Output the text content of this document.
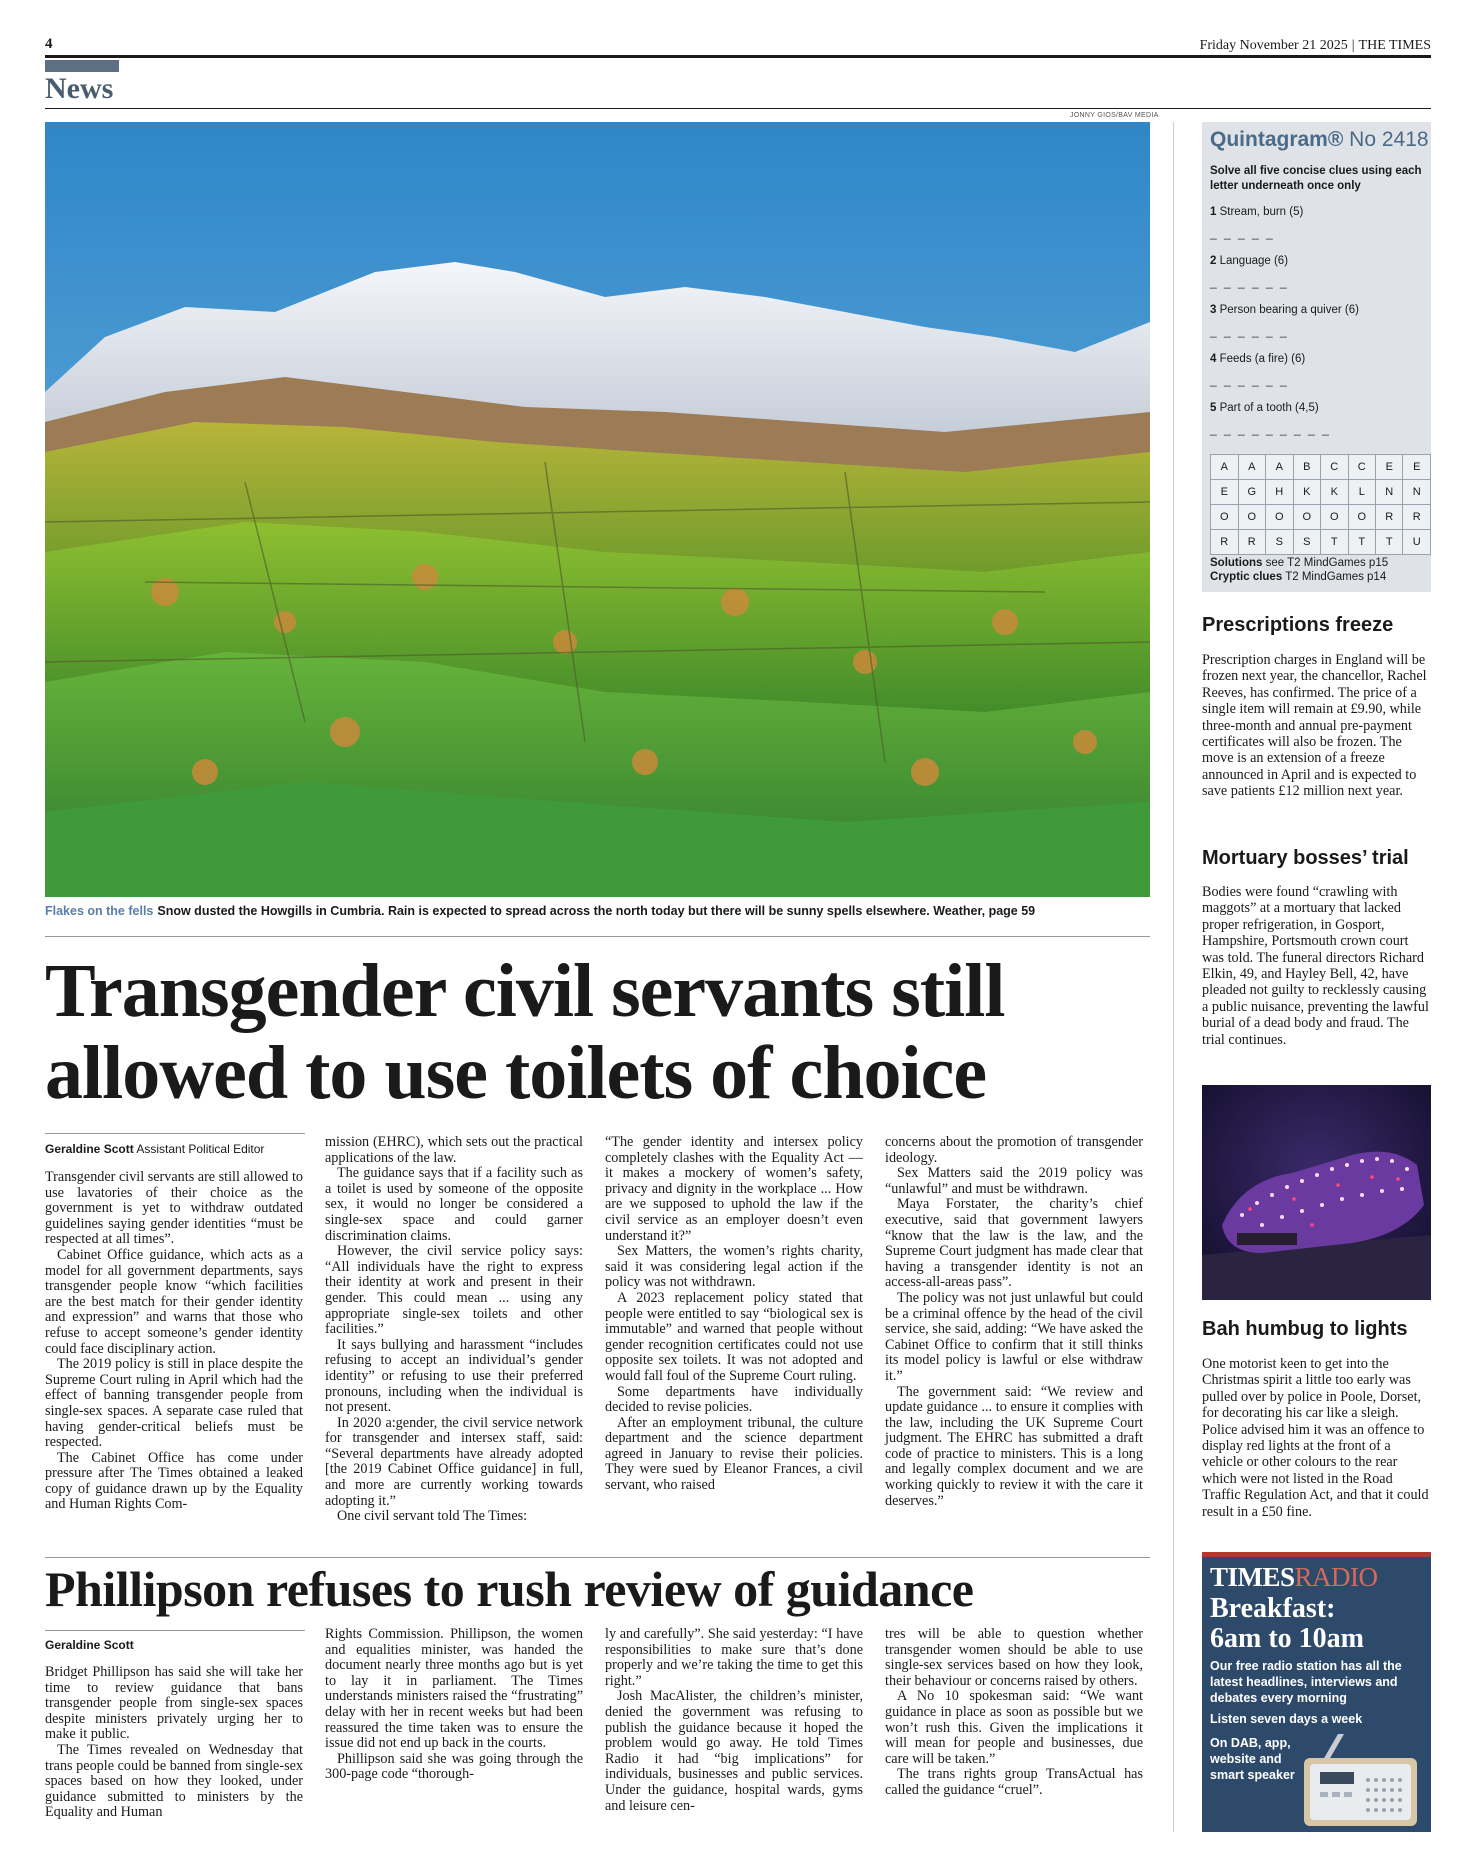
4	Friday November 21 2025 | THE TIMES
News
JONNY GIOS/BAV MEDIA
Flakes on the fells Snow dusted the Howgills in Cumbria. Rain is expected to spread across the north today but there will be sunny spells elsewhere. Weather, page 59
Transgender civil servants still
allowed to use toilets of choice
Geraldine Scott Assistant Political Editor

Transgender civil servants are still allowed to use lavatories of their choice as the government is yet to withdraw outdated guidelines saying gender identities “must be respected at all times”.

Cabinet Office guidance, which acts as a model for all government departments, says transgender people know “which facilities are the best match for their gender identity and expression” and warns that those who refuse to accept someone’s gender identity could face disciplinary action.

The 2019 policy is still in place despite the Supreme Court ruling in April which had the effect of banning transgender people from single-sex spaces. A separate case ruled that having gender-critical beliefs must be respected.

The Cabinet Office has come under pressure after The Times obtained a leaked copy of guidance drawn up by the Equality and Human Rights Com-

mission (EHRC), which sets out the practical applications of the law.

The guidance says that if a facility such as a toilet is used by someone of the opposite sex, it would no longer be considered a single-sex space and could garner discrimination claims.

However, the civil service policy says: “All individuals have the right to express their identity at work and present in their gender. This could mean ... using any appropriate single-sex toilets and other facilities.”

It says bullying and harassment “includes refusing to accept an individual’s gender identity” or refusing to use their preferred pronouns, including when the individual is not present.

In 2020 a:gender, the civil service network for transgender and intersex staff, said: “Several departments have already adopted [the 2019 Cabinet Office guidance] in full, and more are currently working towards adopting it.”

One civil servant told The Times:

“The gender identity and intersex policy completely clashes with the Equality Act — it makes a mockery of women’s safety, privacy and dignity in the workplace ... How are we supposed to uphold the law if the civil service as an employer doesn’t even understand it?”

Sex Matters, the women’s rights charity, said it was considering legal action if the policy was not withdrawn.

A 2023 replacement policy stated that people were entitled to say “biological sex is immutable” and warned that people without gender recognition certificates could not use opposite sex toilets. It was not adopted and would fall foul of the Supreme Court ruling.

Some departments have individually decided to revise policies.

After an employment tribunal, the culture department and the science department agreed in January to revise their policies. They were sued by Eleanor Frances, a civil servant, who raised

concerns about the promotion of transgender ideology.

Sex Matters said the 2019 policy was “unlawful” and must be withdrawn.

Maya Forstater, the charity’s chief executive, said that government lawyers “know that the law is the law, and the Supreme Court judgment has made clear that having a transgender identity is not an access-all-areas pass”.

The policy was not just unlawful but could be a criminal offence by the head of the civil service, she said, adding: “We have asked the Cabinet Office to confirm that it still thinks its model policy is lawful or else withdraw it.”

The government said: “We review and update guidance ... to ensure it complies with the law, including the UK Supreme Court judgment. The EHRC has submitted a draft code of practice to ministers. This is a long and legally complex document and we are working quickly to review it with the care it deserves.”

Phillipson refuses to rush review of guidance
Geraldine Scott

Bridget Phillipson has said she will take her time to review guidance that bans transgender people from single-sex spaces despite ministers privately urging her to make it public.

The Times revealed on Wednesday that trans people could be banned from single-sex spaces based on how they looked, under guidance submitted to ministers by the Equality and Human

Rights Commission. Phillipson, the women and equalities minister, was handed the document nearly three months ago but is yet to lay it in parliament. The Times understands ministers raised the “frustrating” delay with her in recent weeks but had been reassured the time taken was to ensure the issue did not end up back in the courts.

Phillipson said she was going through the 300-page code “thorough-

ly and carefully”. She said yesterday: “I have responsibilities to make sure that’s done properly and we’re taking the time to get this right.”

Josh MacAlister, the children’s minister, denied the government was refusing to publish the guidance because it hoped the problem would go away. He told Times Radio it had “big implications” for individuals, businesses and public services. Under the guidance, hospital wards, gyms and leisure cen-

tres will be able to question whether transgender women should be able to use single-sex services based on how they look, their behaviour or concerns raised by others.

A No 10 spokesman said: “We want guidance in place as soon as possible but we won’t rush this. Given the implications it will mean for people and businesses, due care will be taken.”

The trans rights group TransActual has called the guidance “cruel”.

Quintagram® No 2418
Solve all five concise clues using each letter underneath once only
1 Stream, burn (5)
_ _ _ _ _
2 Language (6)
_ _ _ _ _ _
3 Person bearing a quiver (6)
_ _ _ _ _ _
4 Feeds (a fire) (6)
_ _ _ _ _ _
5 Part of a tooth (4,5)
_ _ _ _ _ _ _ _ _
A	A	A	B	C	C	E	E
E	G	H	K	K	L	N	N
O	O	O	O	O	O	R	R
R	R	S	S	T	T	T	U
Solutions see T2 MindGames p15
Cryptic clues T2 MindGames p14
Prescriptions freeze
Prescription charges in England will be frozen next year, the chancellor, Rachel Reeves, has confirmed. The price of a single item will remain at £9.90, while three-month and annual pre-payment certificates will also be frozen. The move is an extension of a freeze announced in April and is expected to save patients £12 million next year.
Mortuary bosses’ trial
Bodies were found “crawling with maggots” at a mortuary that lacked proper refrigeration, in Gosport, Hampshire, Portsmouth crown court was told. The funeral directors Richard Elkin, 49, and Hayley Bell, 42, have pleaded not guilty to recklessly causing a public nuisance, preventing the lawful burial of a dead body and fraud. The trial continues.
Bah humbug to lights
One motorist keen to get into the Christmas spirit a little too early was pulled over by police in Poole, Dorset, for decorating his car like a sleigh. Police advised him it was an offence to display red lights at the front of a vehicle or other colours to the rear which were not listed in the Road Traffic Regulation Act, and that it could result in a £50 fine.
TIMESRADIO
Breakfast:
6am to 10am
Our free radio station has all the latest headlines, interviews and debates every morning
Listen seven days a week
On DAB, app, website and smart speaker
